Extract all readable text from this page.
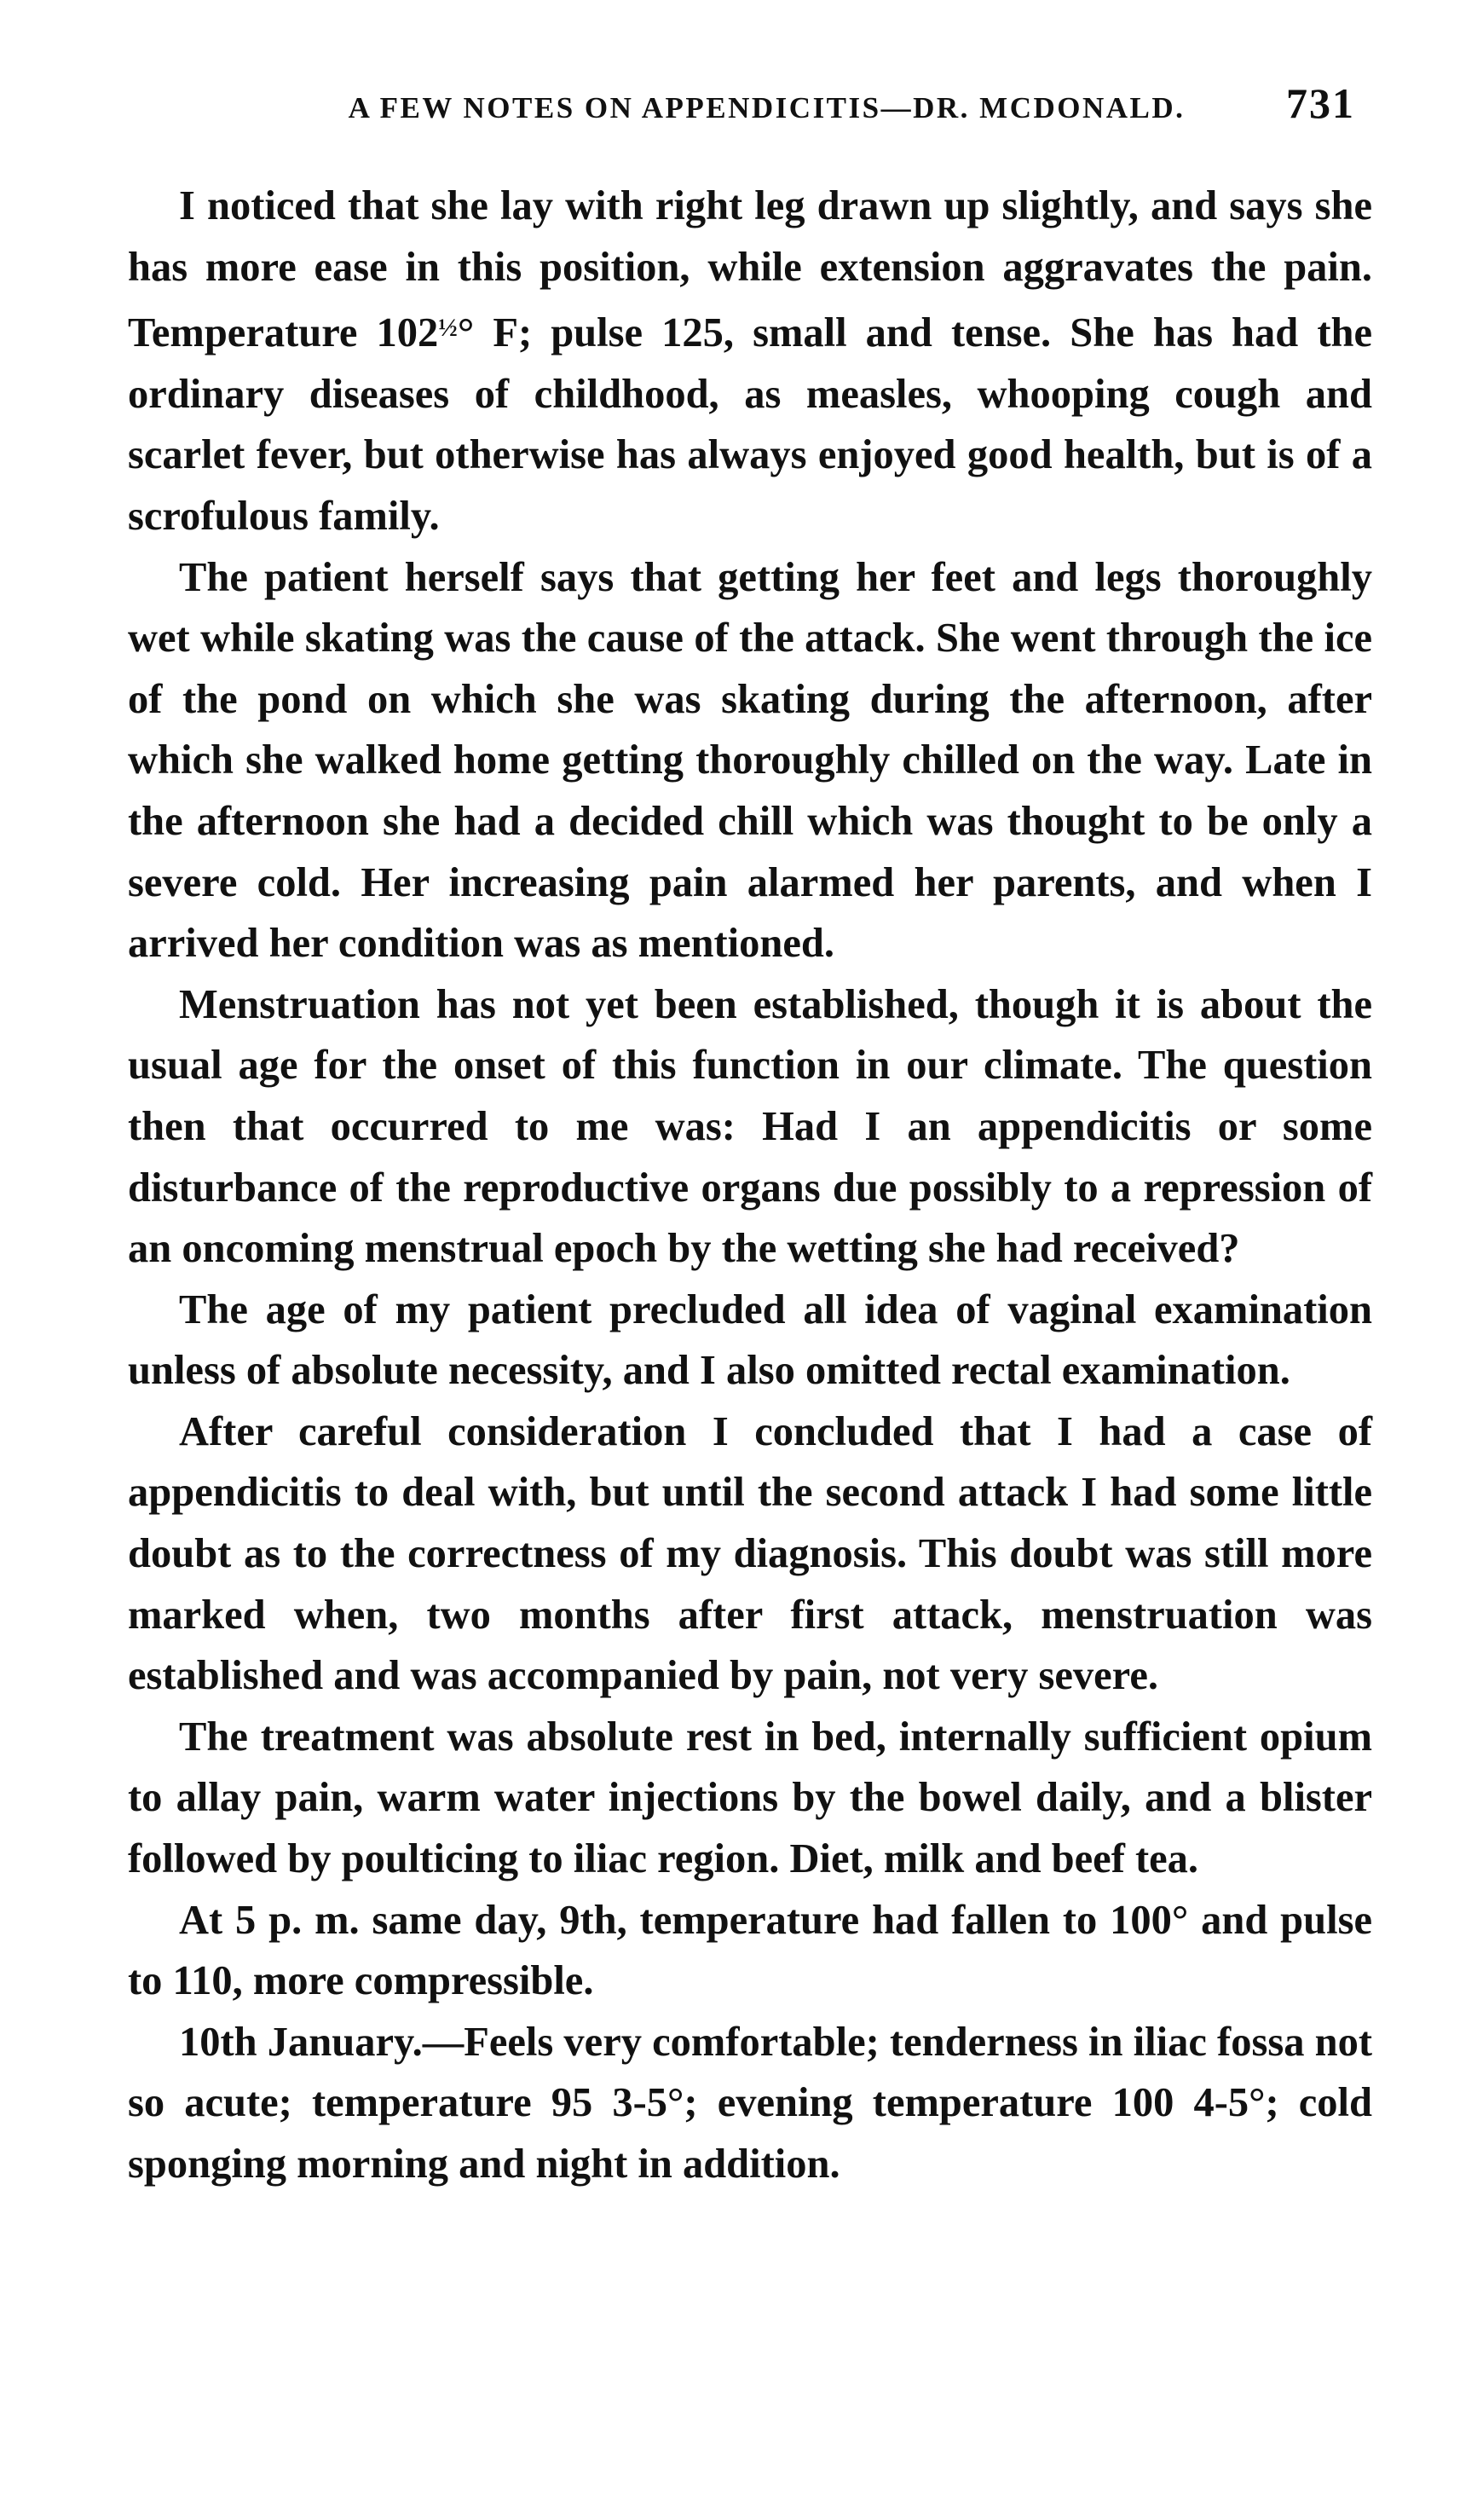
A FEW NOTES ON APPENDICITIS—DR. MCDONALD.	731

I noticed that she lay with right leg drawn up slightly, and says she has more ease in this position, while extension aggravates the pain. Temperature $102^{\frac{1}{2}}^\circ$ F; pulse 125, small and tense. She has had the ordinary diseases of childhood, as measles, whooping cough and scarlet fever, but otherwise has always enjoyed good health, but is of a scrofulous family.

The patient herself says that getting her feet and legs thoroughly wet while skating was the cause of the attack. She went through the ice of the pond on which she was skating during the afternoon, after which she walked home getting thoroughly chilled on the way. Late in the afternoon she had a decided chill which was thought to be only a severe cold. Her increasing pain alarmed her parents, and when I arrived her condition was as mentioned.

Menstruation has not yet been established, though it is about the usual age for the onset of this function in our climate. The question then that occurred to me was: Had I an appendicitis or some disturbance of the reproductive organs due possibly to a repression of an oncoming menstrual epoch by the wetting she had received?

The age of my patient precluded all idea of vaginal examination unless of absolute necessity, and I also omitted rectal examination.

After careful consideration I concluded that I had a case of appendicitis to deal with, but until the second attack I had some little doubt as to the correctness of my diagnosis. This doubt was still more marked when, two months after first attack, menstruation was established and was accompanied by pain, not very severe.

The treatment was absolute rest in bed, internally sufficient opium to allay pain, warm water injections by the bowel daily, and a blister followed by poulticing to iliac region. Diet, milk and beef tea.

At 5 p. m. same day, 9th, temperature had fallen to 100° and pulse to 110, more compressible.

10th January.—Feels very comfortable; tenderness in iliac fossa not so acute; temperature 95 3-5°; evening temperature 100 4-5°; cold sponging morning and night in addition.
